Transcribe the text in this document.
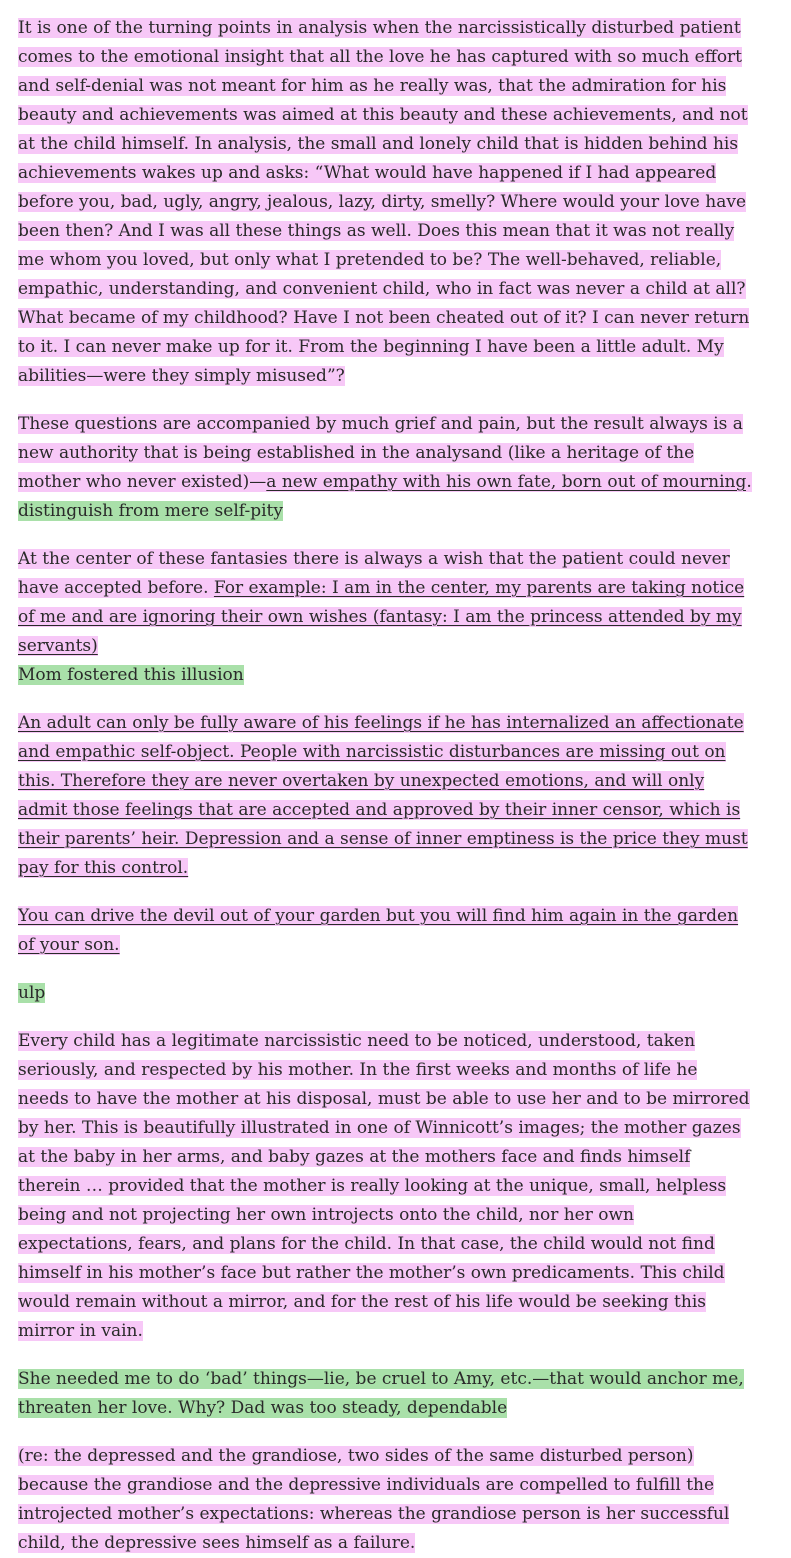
It is one of the turning points in analysis when the narcissistically disturbed patient comes to the emotional insight that all the love he has captured with so much effort and self-denial was not meant for him as he really was, that the admiration for his beauty and achievements was aimed at this beauty and these achievements, and not at the child himself. In analysis, the small and lonely child that is hidden behind his achievements wakes up and asks: “What would have happened if I had appeared before you, bad, ugly, angry, jealous, lazy, dirty, smelly? Where would your love have been then? And I was all these things as well. Does this mean that it was not really me whom you loved, but only what I pretended to be? The well-behaved, reliable, empathic, understanding, and convenient child, who in fact was never a child at all? What became of my childhood? Have I not been cheated out of it? I can never return to it. I can never make up for it. From the beginning I have been a little adult. My abilities—were they simply misused”?

These questions are accompanied by much grief and pain, but the result always is a new authority that is being established in the analysand (like a heritage of the mother who never existed)—a new empathy with his own fate, born out of mourning.

distinguish from mere self-pity

At the center of these fantasies there is always a wish that the patient could never have accepted before. For example: I am in the center, my parents are taking notice of me and are ignoring their own wishes (fantasy: I am the princess attended by my servants)

Mom fostered this illusion

An adult can only be fully aware of his feelings if he has internalized an affectionate and empathic self-object. People with narcissistic disturbances are missing out on this. Therefore they are never overtaken by unexpected emotions, and will only admit those feelings that are accepted and approved by their inner censor, which is their parents’ heir. Depression and a sense of inner emptiness is the price they must pay for this control.

You can drive the devil out of your garden but you will find him again in the garden of your son.

ulp

Every child has a legitimate narcissistic need to be noticed, understood, taken seriously, and respected by his mother. In the first weeks and months of life he needs to have the mother at his disposal, must be able to use her and to be mirrored by her. This is beautifully illustrated in one of Winnicott’s images; the mother gazes at the baby in her arms, and baby gazes at the mothers face and finds himself therein … provided that the mother is really looking at the unique, small, helpless being and not projecting her own introjects onto the child, nor her own expectations, fears, and plans for the child. In that case, the child would not find himself in his mother’s face but rather the mother’s own predicaments. This child would remain without a mirror, and for the rest of his life would be seeking this mirror in vain.

She needed me to do ‘bad’ things—lie, be cruel to Amy, etc.—that would anchor me, threaten her love. Why? Dad was too steady, dependable

(re: the depressed and the grandiose, two sides of the same disturbed person) because the grandiose and the depressive individuals are compelled to fulfill the introjected mother’s expectations: whereas the grandiose person is her successful child, the depressive sees himself as a failure.
